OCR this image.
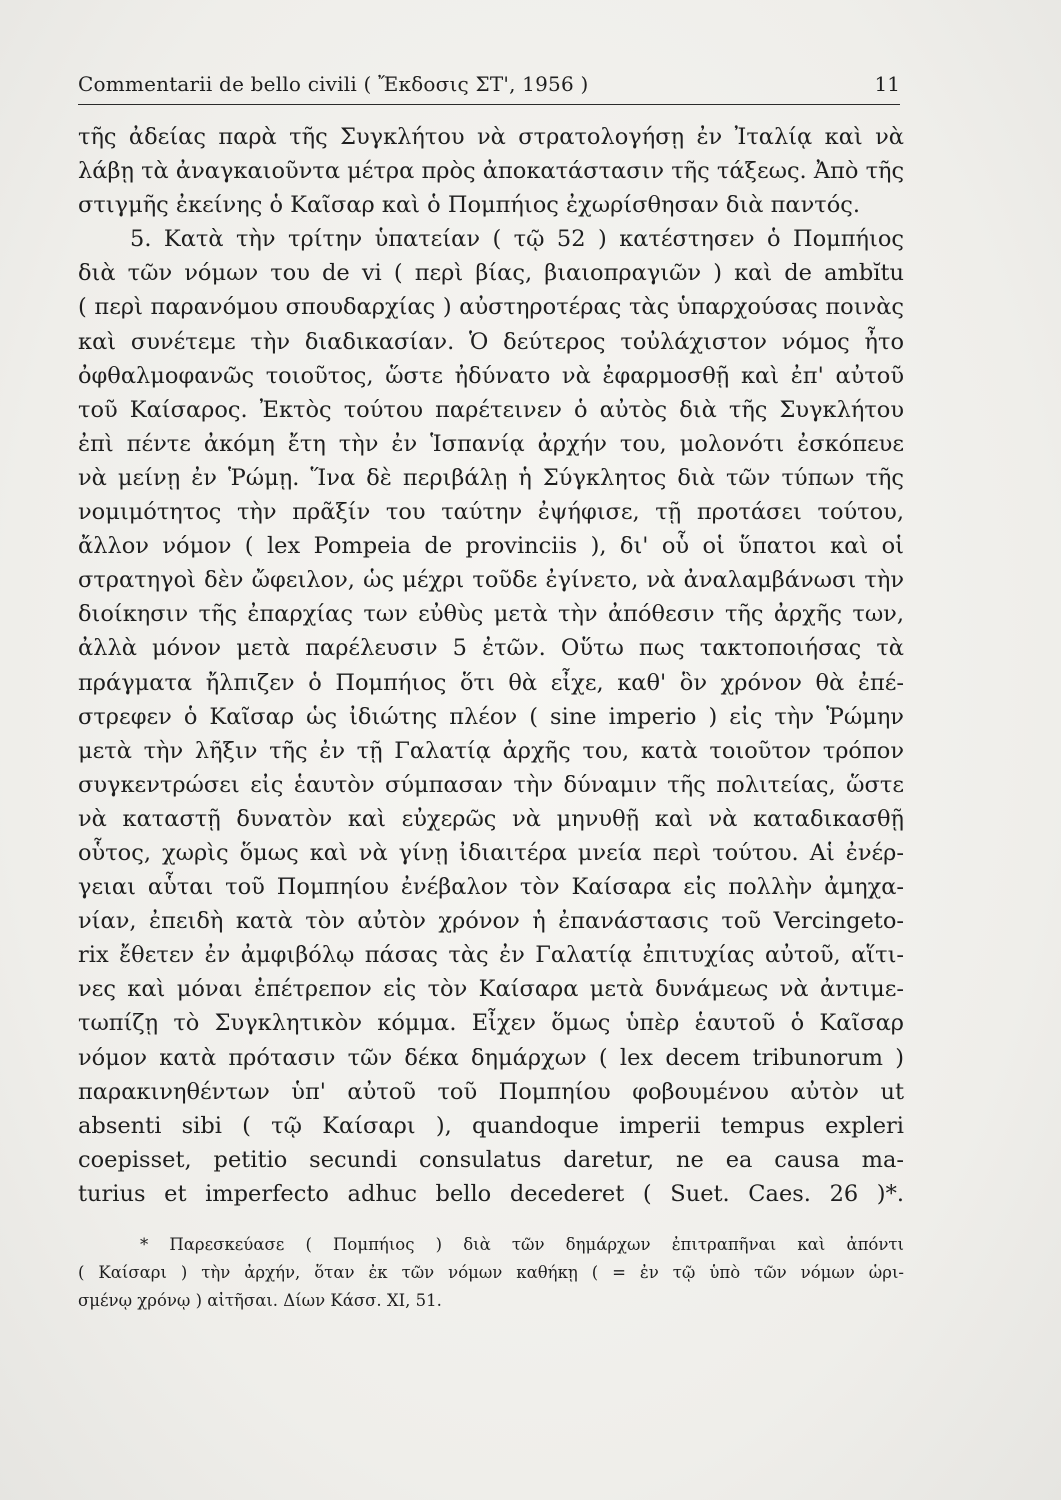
Commentarii de bello civili ( Ἔκδοσις ΣΤ', 1956 )	11
τῆς ἀδείας παρὰ τῆς Συγκλήτου νὰ στρατολογήσῃ ἐν Ἰταλίᾳ καὶ νὰ
λάβῃ τὰ ἀναγκαιοῦντα μέτρα πρὸς ἀποκατάστασιν τῆς τάξεως. Ἀπὸ τῆς
στιγμῆς ἐκείνης ὁ Καῖσαρ καὶ ὁ Πομπήιος ἐχωρίσθησαν διὰ παντός.
5. Κατὰ τὴν τρίτην ὑπατείαν ( τῷ 52 ) κατέστησεν ὁ Πομπήιος
διὰ τῶν νόμων του de vi ( περὶ βίας, βιαιοπραγιῶν ) καὶ de ambĭtu
( περὶ παρανόμου σπουδαρχίας ) αὐστηροτέρας τὰς ὑπαρχούσας ποινὰς
καὶ συνέτεμε τὴν διαδικασίαν. Ὁ δεύτερος τοὐλάχιστον νόμος ἦτο
ὀφθαλμοφανῶς τοιοῦτος, ὥστε ἠδύνατο νὰ ἐφαρμοσθῇ καὶ ἐπ' αὐτοῦ
τοῦ Καίσαρος. Ἐκτὸς τούτου παρέτεινεν ὁ αὐτὸς διὰ τῆς Συγκλήτου
ἐπὶ πέντε ἀκόμη ἔτη τὴν ἐν Ἱσπανίᾳ ἀρχήν του, μολονότι ἐσκόπευε
νὰ μείνῃ ἐν Ῥώμῃ. Ἵνα δὲ περιβάλῃ ἡ Σύγκλητος διὰ τῶν τύπων τῆς
νομιμότητος τὴν πρᾶξίν του ταύτην ἐψήφισε, τῇ προτάσει τούτου,
ἄλλον νόμον ( lex Pompeia de provinciis ), δι' οὗ οἱ ὕπατοι καὶ οἱ
στρατηγοὶ δὲν ὤφειλον, ὡς μέχρι τοῦδε ἐγίνετο, νὰ ἀναλαμβάνωσι τὴν
διοίκησιν τῆς ἐπαρχίας των εὐθὺς μετὰ τὴν ἀπόθεσιν τῆς ἀρχῆς των,
ἀλλὰ μόνον μετὰ παρέλευσιν 5 ἐτῶν. Οὕτω πως τακτοποιήσας τὰ
πράγματα ἤλπιζεν ὁ Πομπήιος ὅτι θὰ εἶχε, καθ' ὃν χρόνον θὰ ἐπέ-
στρεφεν ὁ Καῖσαρ ὡς ἰδιώτης πλέον ( sine imperio ) εἰς τὴν Ῥώμην
μετὰ τὴν λῆξιν τῆς ἐν τῇ Γαλατίᾳ ἀρχῆς του, κατὰ τοιοῦτον τρόπον
συγκεντρώσει εἰς ἑαυτὸν σύμπασαν τὴν δύναμιν τῆς πολιτείας, ὥστε
νὰ καταστῇ δυνατὸν καὶ εὐχερῶς νὰ μηνυθῇ καὶ νὰ καταδικασθῇ
οὗτος, χωρὶς ὅμως καὶ νὰ γίνῃ ἰδιαιτέρα μνεία περὶ τούτου. Αἱ ἐνέρ-
γειαι αὗται τοῦ Πομπηίου ἐνέβαλον τὸν Καίσαρα εἰς πολλὴν ἀμηχα-
νίαν, ἐπειδὴ κατὰ τὸν αὐτὸν χρόνον ἡ ἐπανάστασις τοῦ Vercingeto-
rix ἔθετεν ἐν ἀμφιβόλῳ πάσας τὰς ἐν Γαλατίᾳ ἐπιτυχίας αὐτοῦ, αἵτι-
νες καὶ μόναι ἐπέτρεπον εἰς τὸν Καίσαρα μετὰ δυνάμεως νὰ ἀντιμε-
τωπίζῃ τὸ Συγκλητικὸν κόμμα. Εἶχεν ὅμως ὑπὲρ ἑαυτοῦ ὁ Καῖσαρ
νόμον κατὰ πρότασιν τῶν δέκα δημάρχων ( lex decem tribunorum )
παρακινηθέντων ὑπ' αὐτοῦ τοῦ Πομπηίου φοβουμένου αὐτὸν ut
absenti sibi ( τῷ Καίσαρι ), quandoque imperii tempus expleri
coepisset, petitio secundi consulatus daretur, ne ea causa ma-
turius et imperfecto adhuc bello decederet ( Suet. Caes. 26 )*.
* Παρεσκεύασε ( Πομπήιος ) διὰ τῶν δημάρχων ἐπιτραπῆναι καὶ ἀπόντι
( Καίσαρι ) τὴν ἀρχήν, ὅταν ἐκ τῶν νόμων καθήκῃ ( = ἐν τῷ ὑπὸ τῶν νόμων ὡρι-
σμένῳ χρόνῳ ) αἰτῆσαι. Δίων Κάσσ. XI, 51.
